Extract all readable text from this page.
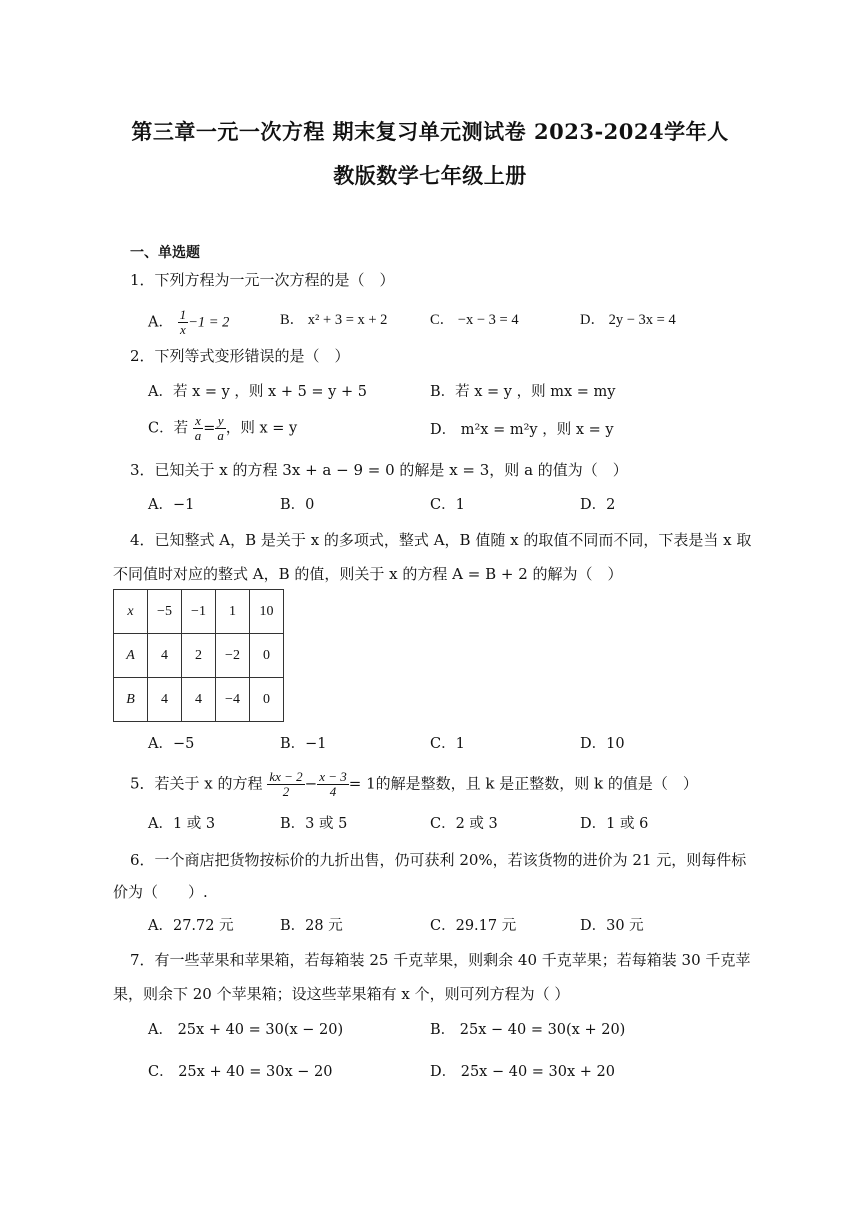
第三章一元一次方程 期末复习单元测试卷 2023-2024学年人
教版数学七年级上册
一、单选题
1．下列方程为一元一次方程的是（　）
A． $\frac{1}{x} -1 = 2$	B． x² + 3 = x + 2	C． −x − 3 = 4	D． 2y − 3x = 4
2．下列等式变形错误的是（　）
A．若 x = y ，则 x + 5 = y + 5	B．若 x = y ，则 mx = my
C．若 $\frac{x}{a} = \frac{y}{a}$ ，则 x = y	D． m²x = m²y ，则 x = y
3．已知关于 x 的方程 3x + a − 9 = 0 的解是 x = 3，则 a 的值为（　）
A．−1	B．0	C．1	D．2
4．已知整式 A，B 是关于 x 的多项式，整式 A，B 值随 x 的取值不同而不同，下表是当 x 取
不同值时对应的整式 A，B 的值，则关于 x 的方程 A = B + 2 的解为（　）
x	−5	−1	1	10
A	4	2	−2	0
B	4	4	−4	0
A．−5	B．−1	C．1	D．10
5．若关于 x 的方程 $\frac{kx - 2}{2} - \frac{x - 3}{4} = 1$的解是整数，且 k 是正整数，则 k 的值是（　）
A．1 或 3	B．3 或 5	C．2 或 3	D．1 或 6
6．一个商店把货物按标价的九折出售，仍可获利 20%，若该货物的进价为 21 元，则每件标
价为（　　）.
A．27.72 元	B．28 元	C．29.17 元	D．30 元
7．有一些苹果和苹果箱，若每箱装 25 千克苹果，则剩余 40 千克苹果；若每箱装 30 千克苹
果，则余下 20 个苹果箱；设这些苹果箱有 x 个，则可列方程为（ ）
A． 25x + 40 = 30(x − 20)	B． 25x − 40 = 30(x + 20)
C． 25x + 40 = 30x − 20	D． 25x − 40 = 30x + 20
